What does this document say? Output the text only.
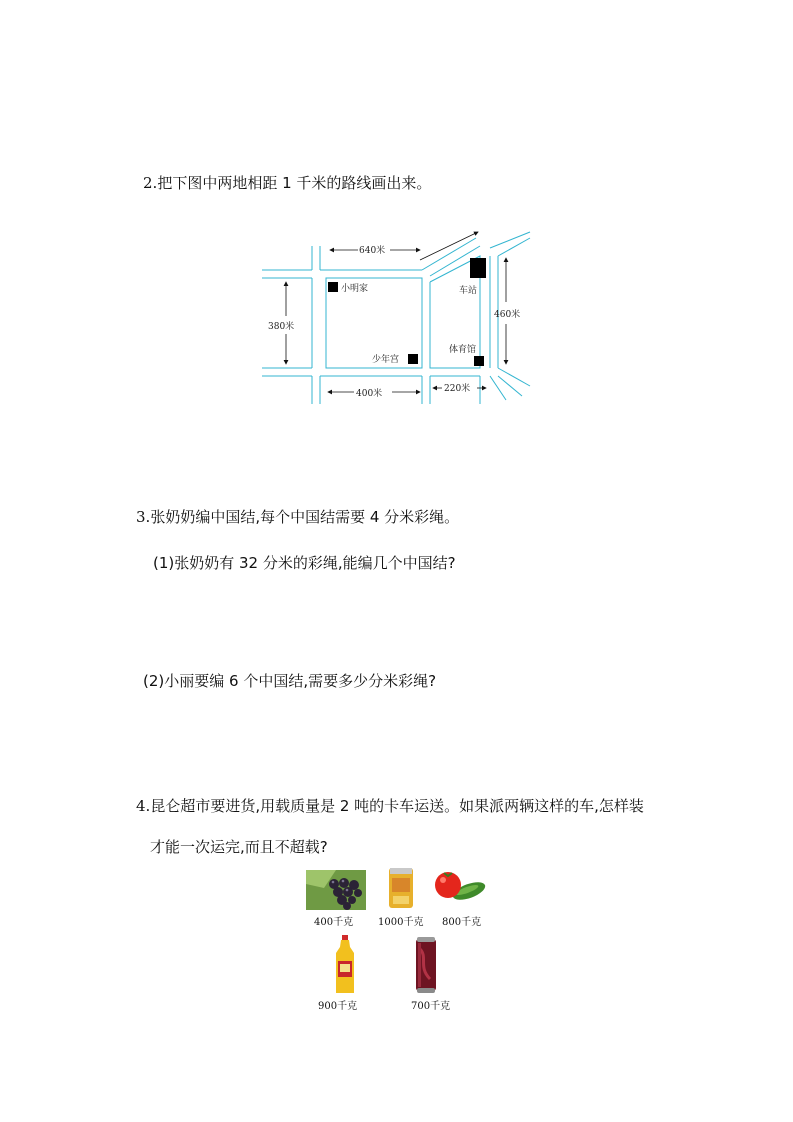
2.把下图中两地相距 1 千米的路线画出来。
640米
小明家	车站
380米
460米
少年宫
体育馆
400米	220米
3.张奶奶编中国结,每个中国结需要 4 分米彩绳。
(1)张奶奶有 32 分米的彩绳,能编几个中国结?
(2)小丽要编 6 个中国结,需要多少分米彩绳?
4.昆仑超市要进货,用载质量是 2 吨的卡车运送。如果派两辆这样的车,怎样装
才能一次运完,而且不超载?
400千克 1000千克 800千克
900千克	700千克
